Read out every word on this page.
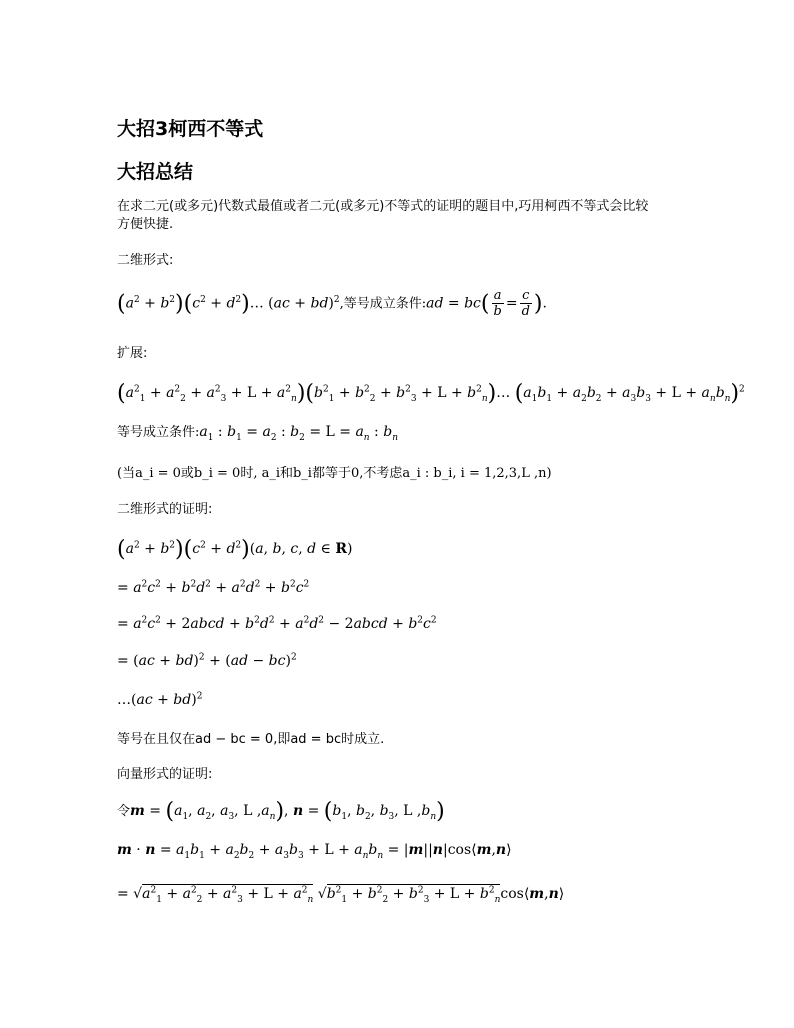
大招3柯西不等式
大招总结
在求二元(或多元)代数式最值或者二元(或多元)不等式的证明的题目中,巧用柯西不等式会比较
方便快捷.
二维形式:
$(a^2 + b^2)(c^2$ + $d^2)\dots$ (ac + bd)$^2$,等号成立条件:ad = $bc( \frac{a}{b} = \frac{c}{d}$ ).
扩展:
$(a^2_1 + a^2_2 + a^2_3 + L + a^2_n)(b^2_1 + b^2_2 + b^2_3 + L$ + $b^2_n)\dots$ $(a_1b_1 + a_2b_2 + a_3b_3 + L + a_nb_n)^2$
等号成立条件$:a_1$ : $b_1 = a_2$ : $b_2 = L = a_n$ : $b_n$
(当a_i = 0或b_i = 0时, a_i和b_i都等于0,不考虑a_i : b_i, i = 1,2,3,L ,n)
二维形式的证明:
$(a^2 + b^2)(c^2 + d^2)(a$, b, c, d ∈ R)
= $a^2c^2 + b^2d^2 + a^2d^2 + b^2c^2$
= $a^2c^2$ + 2abcd + $b^2d^2 + a^2d^2$ − 2abcd + $b^2c^2$
= (ac + bd)$^2$ + (ad − bc)$^2$
…(ac + bd)$^2$
等号在且仅在ad − bc = 0,即ad = bc时成立.
向量形式的证明:
令$m = (a_1$, $a_2$, $a_3$, L $,a_n$), $n = (b_1$, $b_2$, $b_3$, L $,b_n$)
$m \cdot n = a_1b_1 + a_2b_2 + a_3b_3 + L + a_nb_n$ = |m||n|cos⟨m,n⟩
= $√a^2_1 + a^2_2 + a^2_3 + L + a^2_n$ $√b^2_1 + b^2_2 + b^2_3 + L$ + $b^2_n\cos⟨m,n⟩$
